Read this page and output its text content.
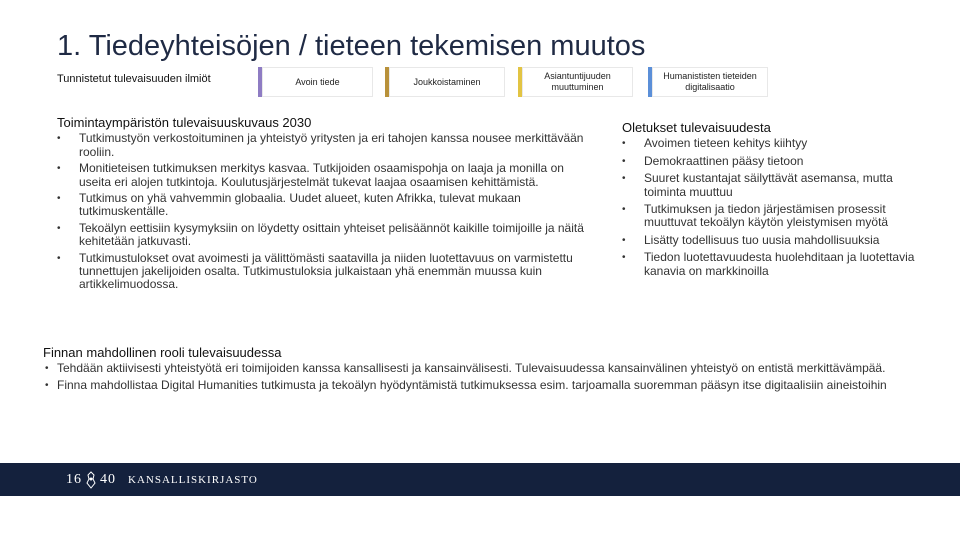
1. Tiedeyhteisöjen / tieteen tekemisen muutos
Tunnistetut tulevaisuuden ilmiöt	Avoin tiede	Joukkoistaminen
Asiantuntijuuden muuttuminen
Humanististen tieteiden digitalisaatio
Toimintaympäristön tulevaisuuskuvaus 2030
• Tutkimustyön verkostoituminen ja yhteistyö yritysten ja eri tahojen kanssa nousee merkittävään rooliin.
• Monitieteisen tutkimuksen merkitys kasvaa. Tutkijoiden osaamispohja on laaja ja monilla on useita eri alojen tutkintoja. Koulutusjärjestelmät tukevat laajaa osaamisen kehittämistä.
• Tutkimus on yhä vahvemmin globaalia. Uudet alueet, kuten Afrikka, tulevat mukaan tutkimuskentälle.
• Tekoälyn eettisiin kysymyksiin on löydetty osittain yhteiset pelisäännöt kaikille toimijoille ja näitä kehitetään jatkuvasti.
• Tutkimustulokset ovat avoimesti ja välittömästi saatavilla ja niiden luotettavuus on varmistettu tunnettujen jakelijoiden osalta. Tutkimustuloksia julkaistaan yhä enemmän muussa kuin artikkelimuodossa.
Oletukset tulevaisuudesta
• Avoimen tieteen kehitys kiihtyy
• Demokraattinen pääsy tietoon
• Suuret kustantajat säilyttävät asemansa, mutta toiminta muuttuu
• Tutkimuksen ja tiedon järjestämisen prosessit muuttuvat tekoälyn käytön yleistymisen myötä
• Lisätty todellisuus tuo uusia mahdollisuuksia
• Tiedon luotettavuudesta huolehditaan ja luotettavia kanavia on markkinoilla
Finnan mahdollinen rooli tulevaisuudessa
• Tehdään aktiivisesti yhteistyötä eri toimijoiden kanssa kansallisesti ja kansainvälisesti. Tulevaisuudessa kansainvälinen yhteistyö on entistä merkittävämpää.
• Finna mahdollistaa Digital Humanities tutkimusta ja tekoälyn hyödyntämistä tutkimuksessa esim. tarjoamalla suoremman pääsyn itse digitaalisiin aineistoihin
16 40 KANSALLISKIRJASTO
